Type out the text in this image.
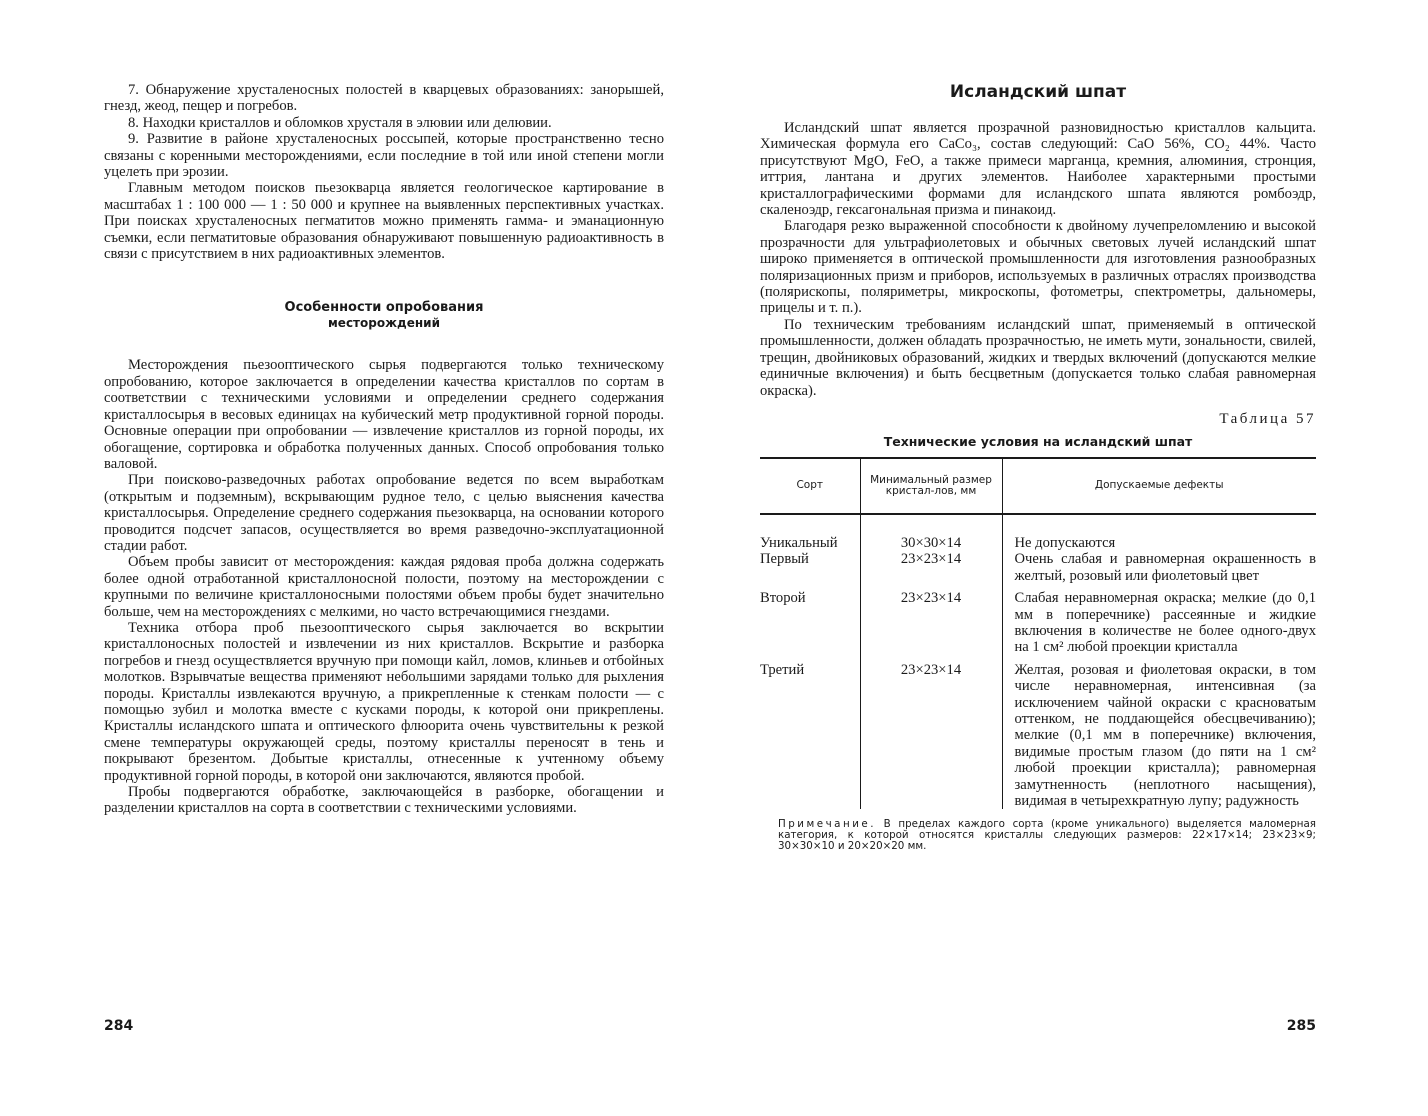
7. Обнаружение хрусталеносных полостей в кварцевых образованиях: занорышей, гнезд, жеод, пещер и погребов.

8. Находки кристаллов и обломков хрусталя в элювии или делювии.

9. Развитие в районе хрусталеносных россыпей, которые пространственно тесно связаны с коренными месторождениями, если последние в той или иной степени могли уцелеть при эрозии.

Главным методом поисков пьезокварца является геологическое картирование в масштабах 1 : 100 000 — 1 : 50 000 и крупнее на выявленных перспективных участках. При поисках хрусталеносных пегматитов можно применять гамма- и эманационную съемки, если пегматитовые образования обнаруживают повышенную радиоактивность в связи с присутствием в них радиоактивных элементов.

Особенности опробования
месторождений

Месторождения пьезооптического сырья подвергаются только техническому опробованию, которое заключается в определении качества кристаллов по сортам в соответствии с техническими условиями и определении среднего содержания кристаллосырья в весовых единицах на кубический метр продуктивной горной породы. Основные операции при опробовании — извлечение кристаллов из горной породы, их обогащение, сортировка и обработка полученных данных. Способ опробования только валовой.

При поисково-разведочных работах опробование ведется по всем выработкам (открытым и подземным), вскрывающим рудное тело, с целью выяснения качества кристаллосырья. Определение среднего содержания пьезокварца, на основании которого проводится подсчет запасов, осуществляется во время разведочно-эксплуатационной стадии работ.

Объем пробы зависит от месторождения: каждая рядовая проба должна содержать более одной отработанной кристаллоносной полости, поэтому на месторождении с крупными по величине кристаллоносными полостями объем пробы будет значительно больше, чем на месторождениях с мелкими, но часто встречающимися гнездами.

Техника отбора проб пьезооптического сырья заключается во вскрытии кристаллоносных полостей и извлечении из них кристаллов. Вскрытие и разборка погребов и гнезд осуществляется вручную при помощи кайл, ломов, клиньев и отбойных молотков. Взрывчатые вещества применяют небольшими зарядами только для рыхления породы. Кристаллы извлекаются вручную, а прикрепленные к стенкам полости — с помощью зубил и молотка вместе с кусками породы, к которой они прикреплены. Кристаллы исландского шпата и оптического флюорита очень чувствительны к резкой смене температуры окружающей среды, поэтому кристаллы переносят в тень и покрывают брезентом. Добытые кристаллы, отнесенные к учтенному объему продуктивной горной породы, в которой они заключаются, являются пробой.

Пробы подвергаются обработке, заключающейся в разборке, обогащении и разделении кристаллов на сорта в соответствии с техническими условиями.

284
Исландский шпат

Исландский шпат является прозрачной разновидностью кристаллов кальцита. Химическая формула его CaCo₃, состав следующий: CaO 56%, CO₂ 44%. Часто присутствуют MgO, FeO, а также примеси марганца, кремния, алюминия, стронция, иттрия, лантана и других элементов. Наиболее характерными простыми кристаллографическими формами для исландского шпата являются ромбоэдр, скаленоэдр, гексагональная призма и пинакоид.

Благодаря резко выраженной способности к двойному лучепреломлению и высокой прозрачности для ультрафиолетовых и обычных световых лучей исландский шпат широко применяется в оптической промышленности для изготовления разнообразных поляризационных призм и приборов, используемых в различных отраслях производства (поляриcкопы, поляриметры, микроскопы, фотометры, спектрометры, дальномеры, прицелы и т. п.).

По техническим требованиям исландский шпат, применяемый в оптической промышленности, должен обладать прозрачностью, не иметь мути, зональности, свилей, трещин, двойниковых образований, жидких и твердых включений (допускаются мелкие единичные включения) и быть бесцветным (допускается только слабая равномерная окраска).

Таблица 57
Технические условия на исландский шпат
Сорт	Минимальный размер кристал-лов, мм	Допускаемые дефекты
Уникальный	30×30×14	Не допускаются
Первый	23×23×14	Очень слабая и равномерная окрашенность в желтый, розовый или фиолетовый цвет
Второй	23×23×14	Слабая неравномерная окраска; мелкие (до 0,1 мм в поперечнике) рассеянные и жидкие включения в количестве не более одного-двух на 1 см² любой проекции кристалла
Третий	23×23×14	Желтая, розовая и фиолетовая окраски, в том числе неравномерная, интенсивная (за исключением чайной окраски с красноватым оттенком, не поддающейся обесцвечиванию); мелкие (0,1 мм в поперечнике) включения, видимые простым глазом (до пяти на 1 см² любой проекции кристалла); равномерная замутненность (неплотного насыщения), видимая в четырехкратную лупу; радужность
Примечание. В пределах каждого сорта (кроме уникального) выделяется маломерная категория, к которой относятся кристаллы следующих размеров: 22×17×14; 23×23×9; 30×30×10 и 20×20×20 мм.
285
